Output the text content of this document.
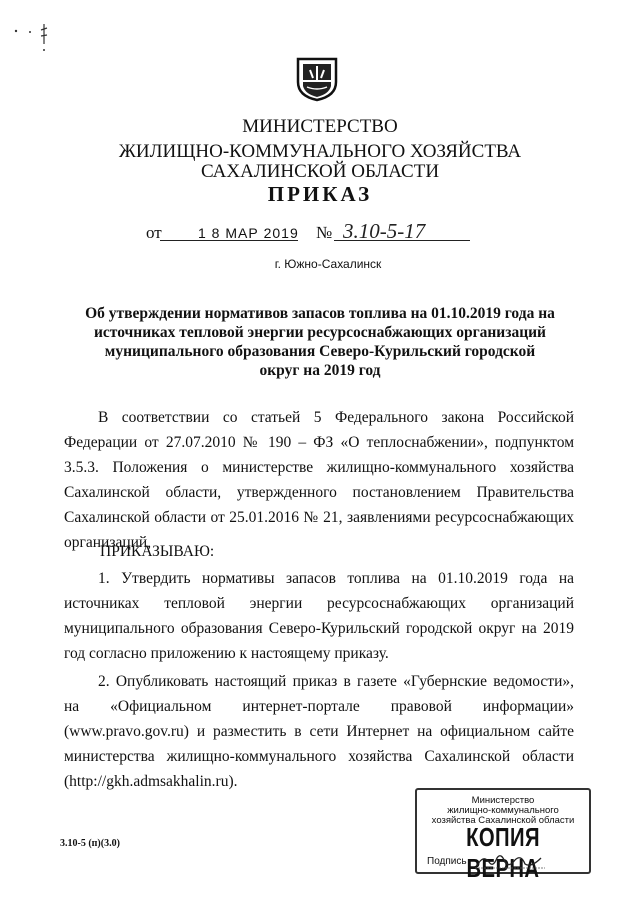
МИНИСТЕРСТВО
ЖИЛИЩНО-КОММУНАЛЬНОГО ХОЗЯЙСТВА
САХАЛИНСКОЙ ОБЛАСТИ
ПРИКАЗ
от	1 8 МАР 2019 № 3.10-5-17
г. Южно-Сахалинск
Об утверждении нормативов запасов топлива на 01.10.2019 года на источниках тепловой энергии ресурсоснабжающих организаций муниципального образования Северо-Курильский городской округ на 2019 год
В соответствии со статьей 5 Федерального закона Российской Федерации от 27.07.2010 № 190 – ФЗ «О теплоснабжении», подпунктом 3.5.3. Положения о министерстве жилищно-коммунального хозяйства Сахалинской области, утвержденного постановлением Правительства Сахалинской области от 25.01.2016 № 21, заявлениями ресурсоснабжающих организаций,
ПРИКАЗЫВАЮ:
1. Утвердить нормативы запасов топлива на 01.10.2019 года на источниках тепловой энергии ресурсоснабжающих организаций муниципального образования Северо-Курильский городской округ на 2019 год согласно приложению к настоящему приказу.
2. Опубликовать настоящий приказ в газете «Губернские ведомости», на «Официальном интернет-портале правовой информации» (www.pravo.gov.ru) и разместить в сети Интернет на официальном сайте министерства жилищно-коммунального хозяйства Сахалинской области (http://gkh.admsakhalin.ru).
3.10-5 (п)(3.0)
Министерство
жилищно-коммунального
хозяйства Сахалинской области
КОПИЯ ВЕРНА
Подпись
